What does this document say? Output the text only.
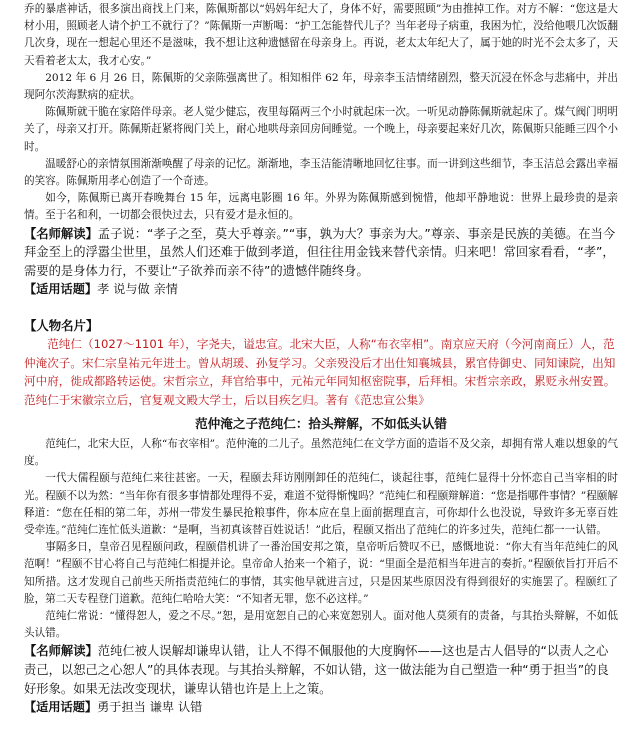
乔的暴虐神话，很多演出商找上门来，陈佩斯都以“妈妈年纪大了，身体不好，需要照顾”为由推掉工作。对方不解：“您这是大材小用，照顾老人请个护工不就行了？”陈佩斯一声断喝：“护工怎能替代儿子？当年老母子病重，我困为忙，没给他喂几次饭翻几次身，现在一想起心里还不是滋味，我不想让这种遗憾留在母亲身上。再说，老太太年纪大了，属于她的时光不会太多了，天天看着老太太，我才心安。”

2012 年 6 月 26 日，陈佩斯的父亲陈强离世了。相知相伴 62 年，母亲李玉洁情绪剧烈，整天沉浸在怀念与悲痛中，并出现阿尔茨海默病的症状。

陈佩斯就干脆在家陪伴母亲。老人觉少健忘，夜里每隔两三个小时就起床一次。一听见动静陈佩斯就起床了。煤气阀门明明关了，母亲又打开。陈佩斯赶紧将阀门关上，耐心地哄母亲回房间睡觉。一个晚上，母亲要起来好几次，陈佩斯只能睡三四个小时。

温暖舒心的亲情氛围渐渐唤醒了母亲的记忆。渐渐地，李玉洁能清晰地回忆往事。而一讲到这些细节，李玉洁总会露出幸福的笑容。陈佩斯用孝心创造了一个奇迹。

如今，陈佩斯已离开春晚舞台 15 年，远离电影圈 16 年。外界为陈佩斯感到惋惜，他却平静地说：世界上最珍贵的是亲情。至于名和利，一切都会很快过去，只有爱才是永恒的。

【名师解读】孟子说：“孝子之至，莫大乎尊亲。”“事，孰为大？事亲为大。”尊亲、事亲是民族的美德。在当今拜金至上的浮嚣尘世里，虽然人们还难于做到孝道，但往往用金钱来替代亲情。归来吧！常回家看看，“孝”，需要的是身体力行，不要让“子欲养而亲不待”的遗憾伴随终身。

【适用话题】孝 说与做 亲情

【人物名片】

范纯仁（1027～1101 年），字尧夫，谥忠宣。北宋大臣，人称“布衣宰相”。南京应天府（今河南商丘）人，范仲淹次子。宋仁宗皇祐元年进士。曾从胡瑗、孙复学习。父亲殁没后才出仕知襄城县，累官侍御史、同知谏院，出知河中府，徙成都路转运使。宋哲宗立，拜官给事中，元祐元年同知枢密院事，后拜相。宋哲宗亲政，累贬永州安置。范纯仁于宋徽宗立后，官复观文殿大学士，后以目疾乞归。著有《范忠宣公集》

范仲淹之子范纯仁：拾头辩解，不如低头认错

范纯仁，北宋大臣，人称“布衣宰相”。范仲淹的二儿子。虽然范纯仁在文学方面的造诣不及父亲，却拥有常人难以想象的气度。

一代大儒程颐与范纯仁来往甚密。一天，程颐去拜访刚刚卸任的范纯仁，谈起往事，范纯仁显得十分怀恋自己当宰相的时光。程颐不以为然：“当年你有很多事情都处理得不妥，难道不觉得惭愧吗？”范纯仁和程颐辩解道：“您是指哪件事情？”程颐解释道：“您在任相的第二年，苏州一带发生暴民抢粮事件，你本应在皇上面前据理直言，可你却什么也没说，导致许多无辜百姓受牵连。”范纯仁连忙低头道歉：“是啊，当初真该替百姓说话！”此后，程颐又指出了范纯仁的许多过失，范纯仁都一一认错。

事隔多日，皇帝召见程颐问政，程颐借机讲了一番治国安邦之策，皇帝听后赞叹不已，感慨地说：“你大有当年范纯仁的风范啊！”程颐不甘心将自己与范纯仁相提并论。皇帝命人抬来一个箱子，说：“里面全是范相当年进言的奏折。”程颐依旨打开后不知所措。这才发现自己前些天所指责范纯仁的事情，其实他早就进言过，只是因某些原因没有得到很好的实施罢了。程颐红了脸，第二天专程登门道歉。范纯仁哈哈大笑：“不知者无罪，您不必这样。”

范纯仁常说：“懂得恕人，爱之不尽。”恕，是用宽恕自己的心来宽恕别人。面对他人莫须有的责备，与其抬头辩解，不如低头认错。

【名师解读】范纯仁被人误解却谦卑认错，让人不得不佩服他的大度胸怀——这也是古人倡导的“以责人之心责己，以恕己之心恕人”的具体表现。与其抬头辩解，不如认错，这一做法能为自己塑造一种“勇于担当”的良好形象。如果无法改变现状，谦卑认错也许是上上之策。

【适用话题】勇于担当 谦卑 认错
